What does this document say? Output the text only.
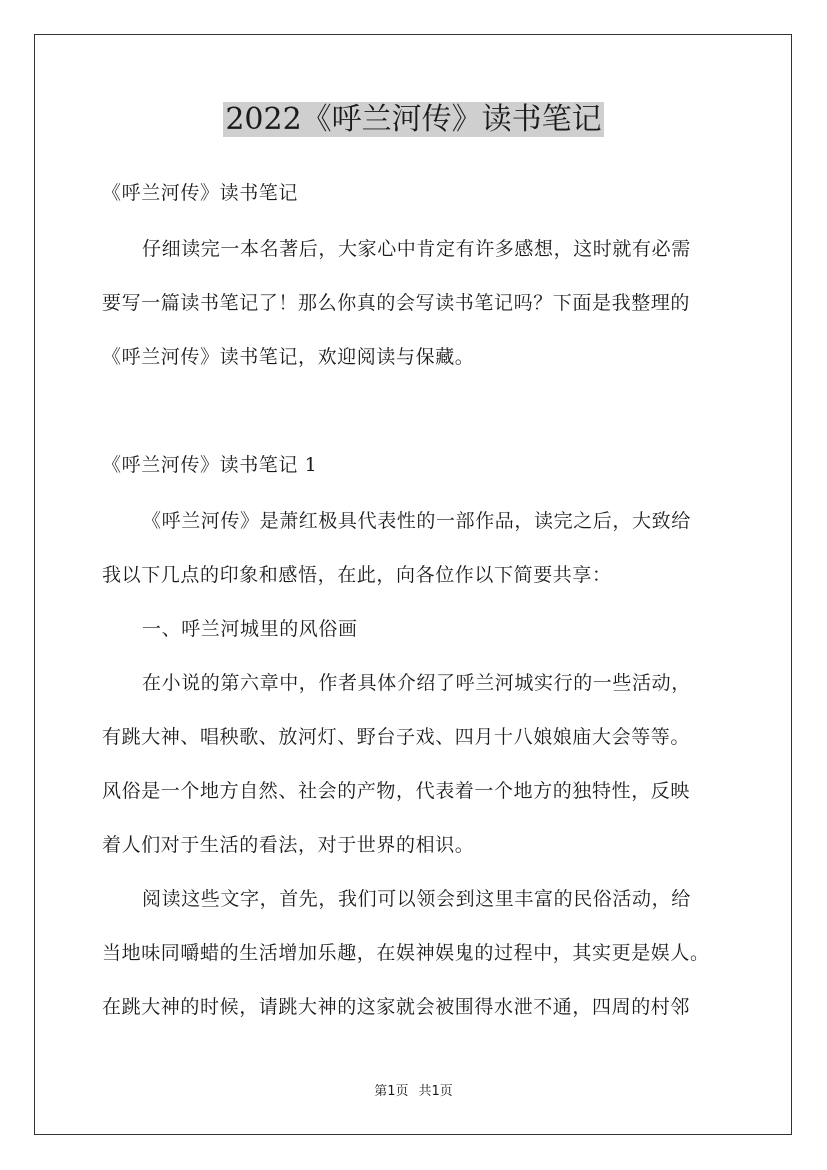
2022《呼兰河传》读书笔记
《呼兰河传》读书笔记
仔细读完一本名著后，大家心中肯定有许多感想，这时就有必需
要写一篇读书笔记了！那么你真的会写读书笔记吗？下面是我整理的
《呼兰河传》读书笔记，欢迎阅读与保藏。
《呼兰河传》读书笔记 1
《呼兰河传》是萧红极具代表性的一部作品，读完之后，大致给
我以下几点的印象和感悟，在此，向各位作以下简要共享：
一、呼兰河城里的风俗画
在小说的第六章中，作者具体介绍了呼兰河城实行的一些活动，
有跳大神、唱秧歌、放河灯、野台子戏、四月十八娘娘庙大会等等。
风俗是一个地方自然、社会的产物，代表着一个地方的独特性，反映
着人们对于生活的看法，对于世界的相识。
阅读这些文字，首先，我们可以领会到这里丰富的民俗活动，给
当地味同嚼蜡的生活增加乐趣，在娱神娱鬼的过程中，其实更是娱人。
在跳大神的时候，请跳大神的这家就会被围得水泄不通，四周的村邻
第1页 共1页
